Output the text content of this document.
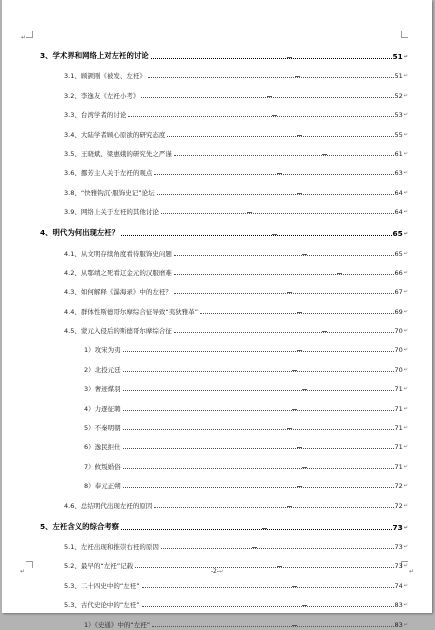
↵
3、学术界和网络上对左衽的讨论	51 ↵
3.1、顾颉刚《被发、左衽》	51 ↵
3.2、李逸友《左衽小考》	52 ↵
3.3、台湾学者的讨论	53 ↵
3.4、大陆学者顾心原欲的研究态度	55 ↵
3.5、王晓斌、梁惠娥的研究先之严谨	61 ↵
3.6、挪芳主人关于左衽的观点	63 ↵
3.8、“快雅钩沉·服饰史记”论坛	64 ↵
3.9、网络上关于左衽的其他讨论	64 ↵
4、明代为何出现左衽？	65 ↵
4.1、从文明存续角度看待服饰史问题	65 ↵
4.2、从鄂靖之死看辽金元的汉服磨难	66 ↵
4.3、如何解释《瀑海录》中的左衽？	67 ↵
4.4、群体性斯德哥尔摩综合征导致“夷狄雅革”	69 ↵
4.5、蒙元入侵后的斯德哥尔摩综合征	70 ↵
1）攻宋为夷	70 ↵
2）北投元廷	70 ↵
3）奢迹煤羽	71 ↵
4）力逐征聘	71 ↵
5）不秦明朝	71 ↵
6）逸民拒仕	71 ↵
7）攸叛婚俗	71 ↵
8）奉元正朔	72 ↵
4.6、总结明代出现左衽的原因	72 ↵
5、左衽含义的综合考察	73 ↵
5.1、左衽出现和推崇右衽的原因	73 ↵
5.2、最早的“左衽”记载	73 ↵
5.3、二十四史中的“左衽”	74 ↵
5.3、古代史论中的“左衽”	83 ↵
1）《史通》中的“左衽”	83 ↵
-2-↵
↵	↵
